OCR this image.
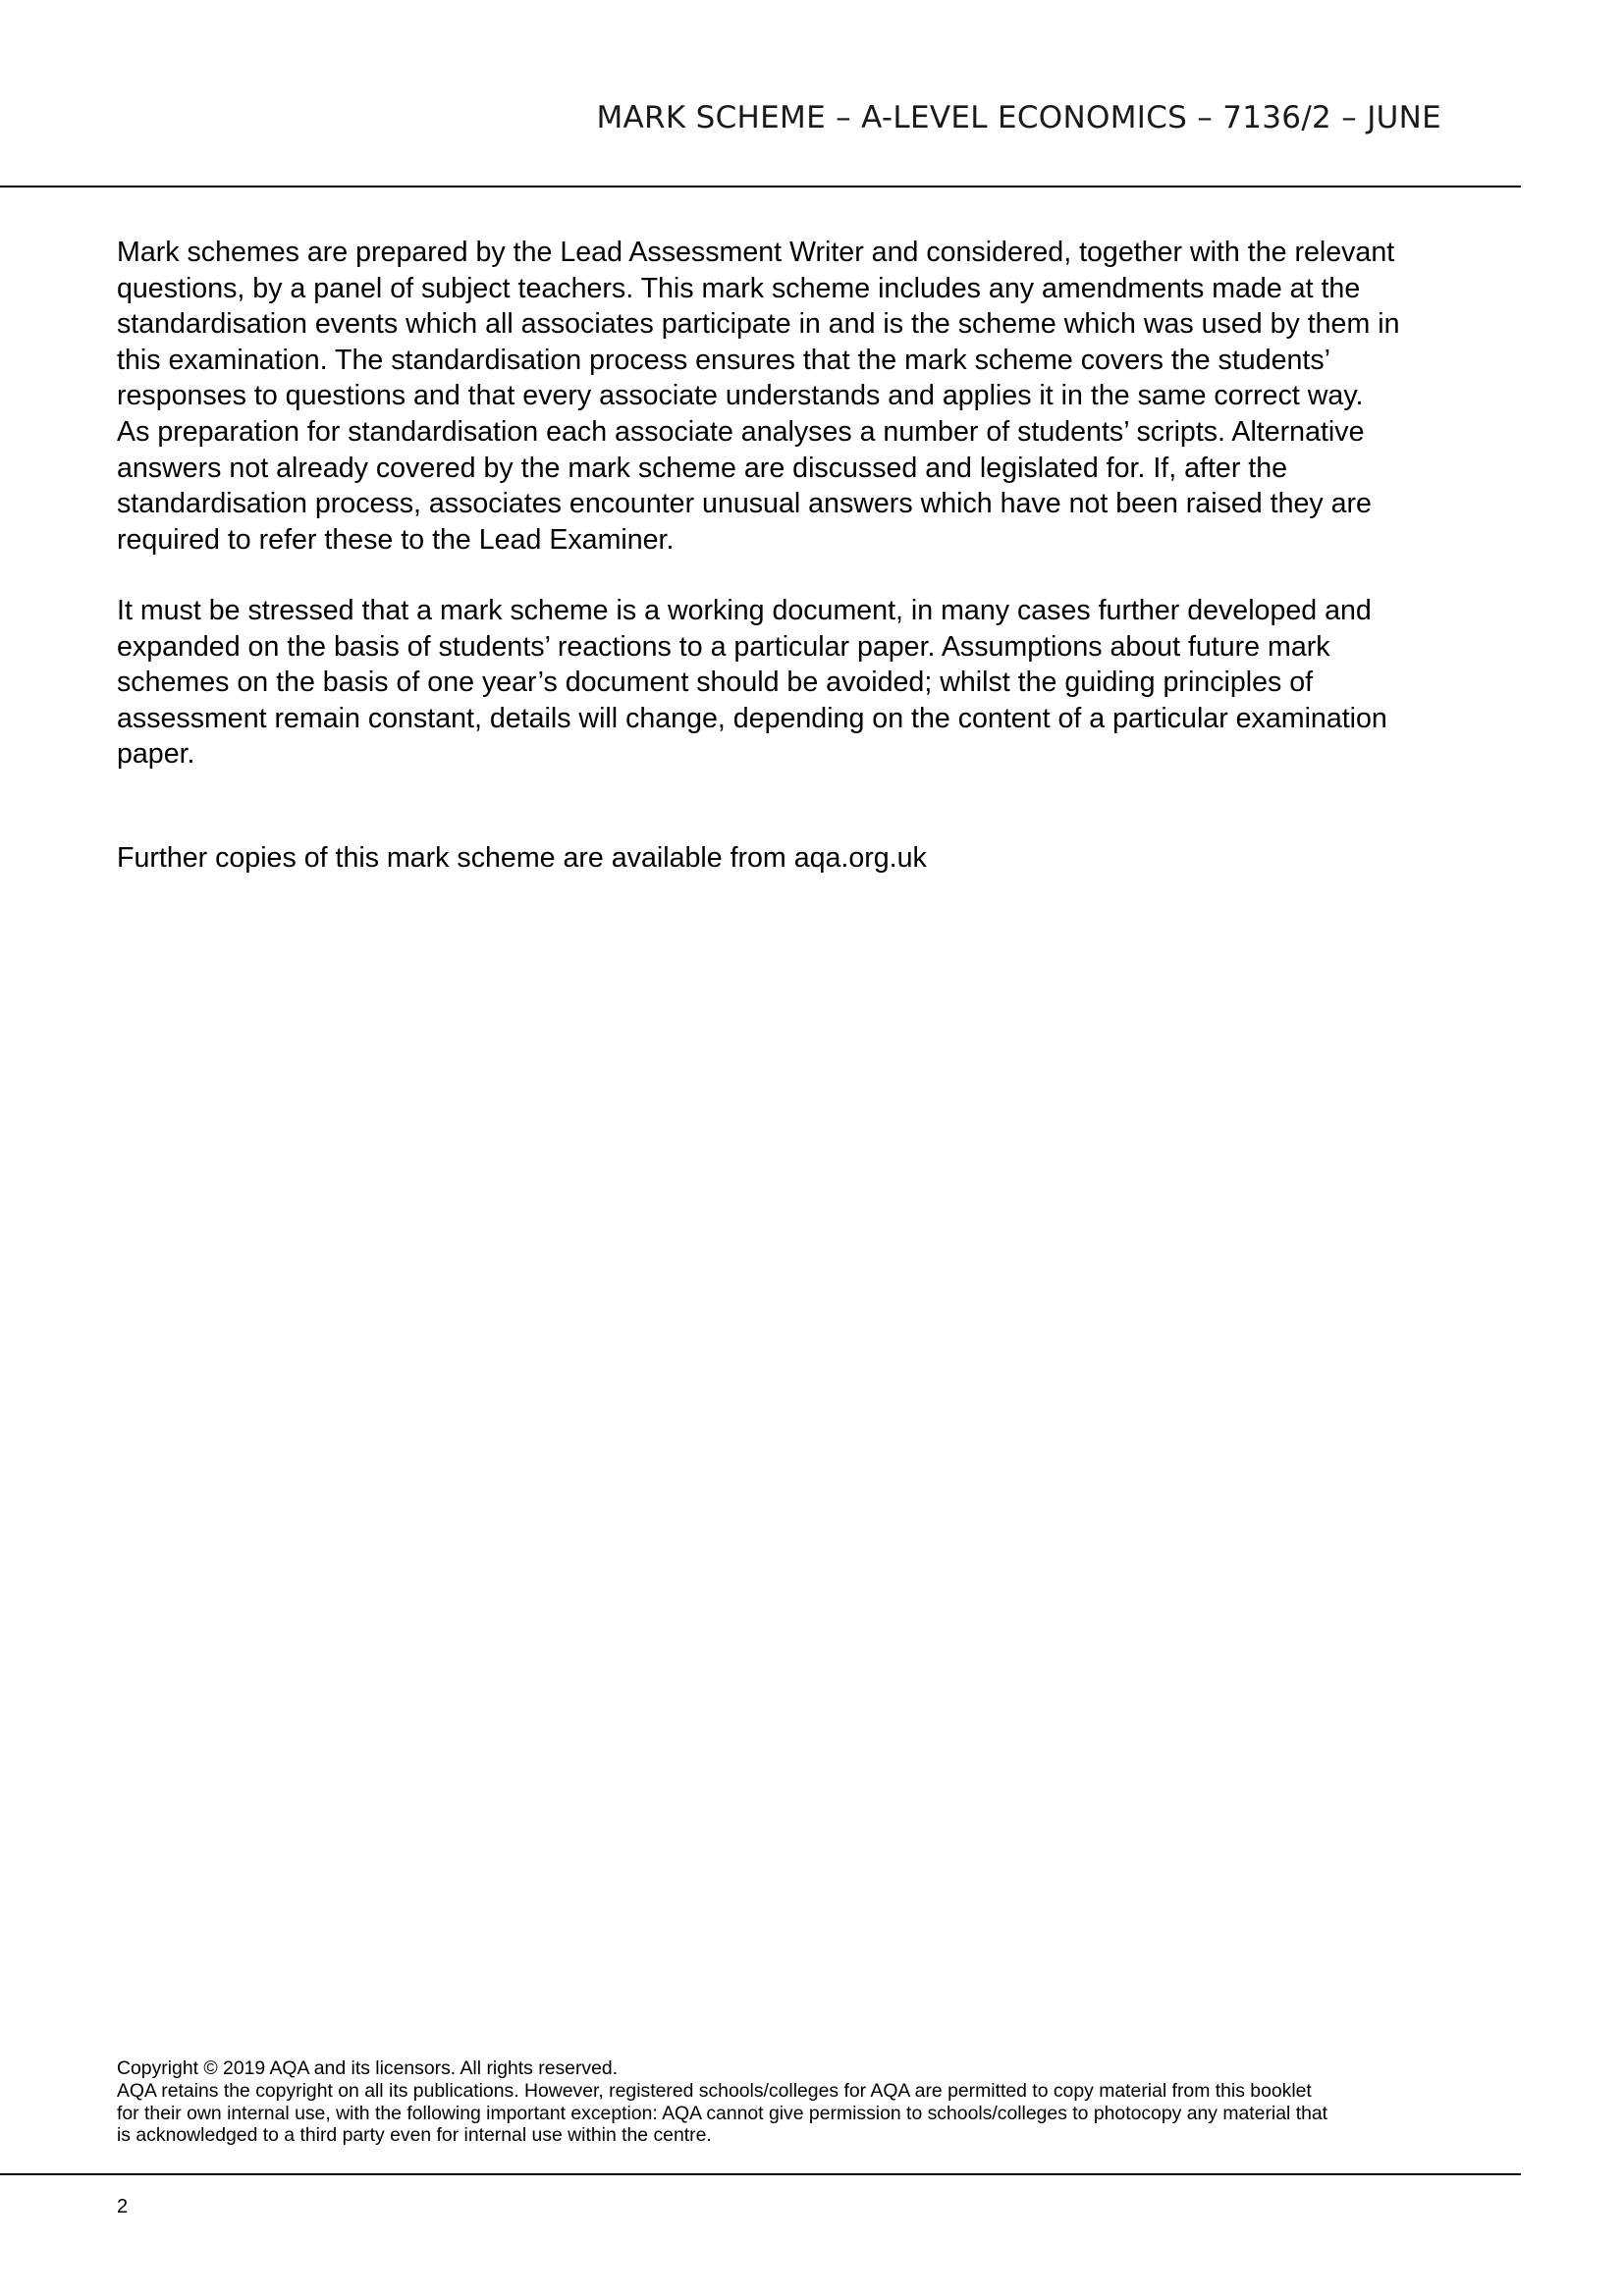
MARK SCHEME – A-LEVEL ECONOMICS – 7136/2 – JUNE

Mark schemes are prepared by the Lead Assessment Writer and considered, together with the relevant
questions, by a panel of subject teachers. This mark scheme includes any amendments made at the
standardisation events which all associates participate in and is the scheme which was used by them in
this examination. The standardisation process ensures that the mark scheme covers the students’
responses to questions and that every associate understands and applies it in the same correct way.
As preparation for standardisation each associate analyses a number of students’ scripts. Alternative
answers not already covered by the mark scheme are discussed and legislated for. If, after the
standardisation process, associates encounter unusual answers which have not been raised they are
required to refer these to the Lead Examiner.

It must be stressed that a mark scheme is a working document, in many cases further developed and
expanded on the basis of students’ reactions to a particular paper. Assumptions about future mark
schemes on the basis of one year’s document should be avoided; whilst the guiding principles of
assessment remain constant, details will change, depending on the content of a particular examination
paper.

Further copies of this mark scheme are available from aqa.org.uk

Copyright © 2019 AQA and its licensors. All rights reserved.
AQA retains the copyright on all its publications. However, registered schools/colleges for AQA are permitted to copy material from this booklet
for their own internal use, with the following important exception: AQA cannot give permission to schools/colleges to photocopy any material that
is acknowledged to a third party even for internal use within the centre.
2
